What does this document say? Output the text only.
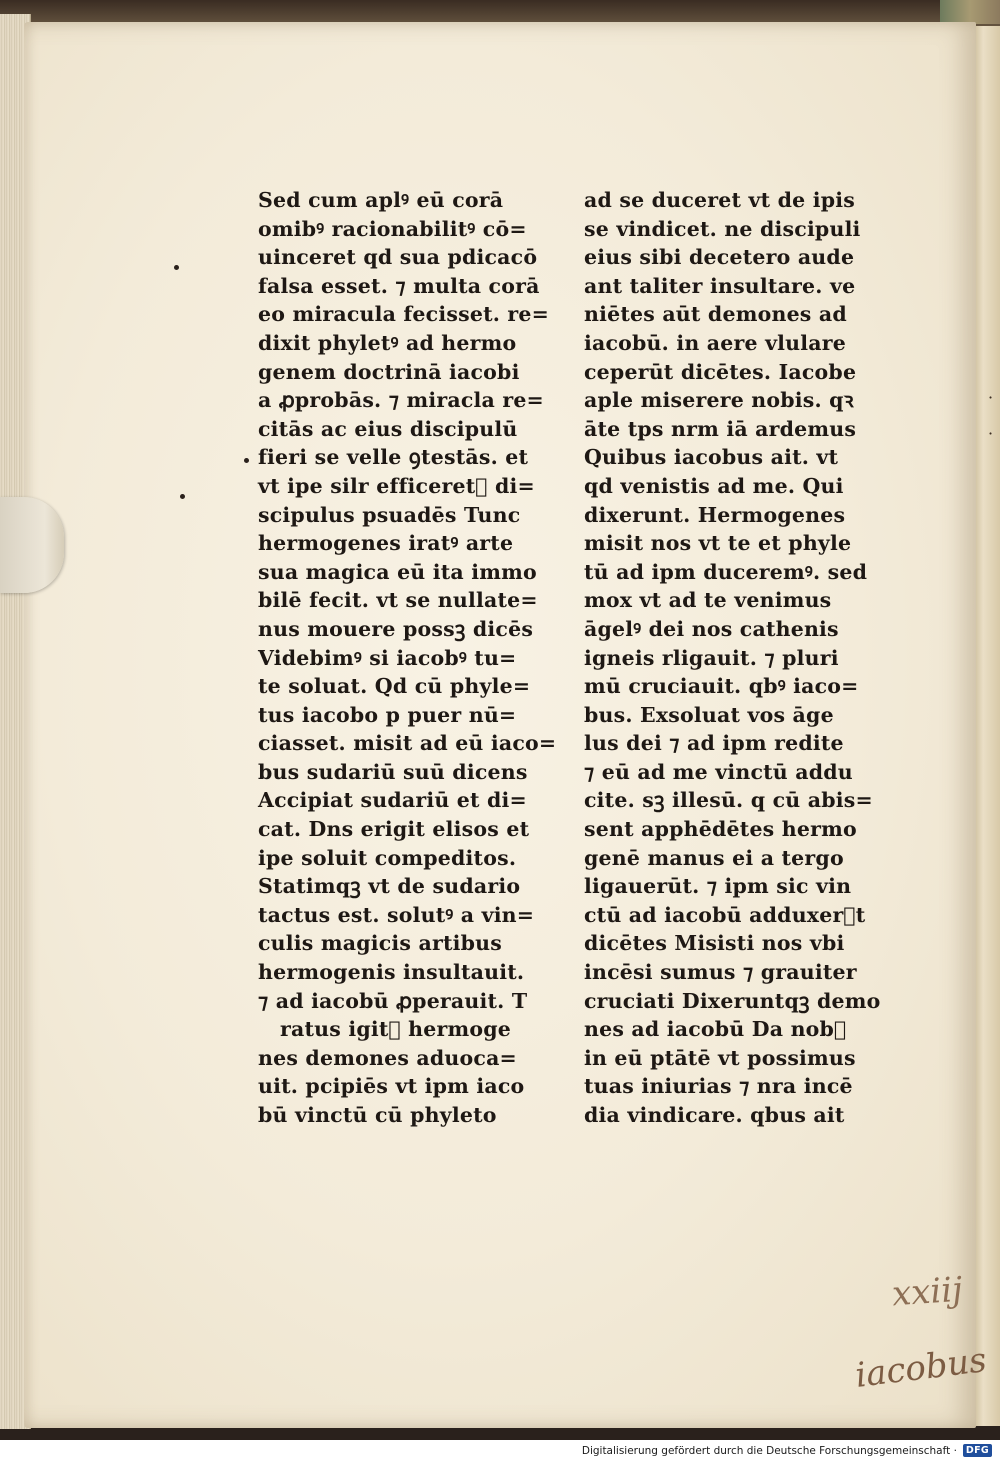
Sed cum aplꝰ eū corā
omibꝰ racionabilitꝰ cō=
uinceret qd sua pdicacō
falsa esset. ⁊ multa corā
eo miracula fecisset. re=
dixit phyletꝰ ad hermo
genem doctrinā iacobi
a ꝓprobās. ⁊ miracla re=
citās ac eius discipulū
fieri se velle ꝯtestās. et
vt ipe silr efficeretᷣ di=
scipulus psuadēs Tunc
hermogenes iratꝰ arte
sua magica eū ita immo
bilē fecit. vt se nullate=
nus mouere possꝫ dicēs
Videbimꝰ si iacobꝰ tu=
te soluat. Qd cū phyle=
tus iacobo p puer nū=
ciasset. misit ad eū iaco=
bus sudariū suū dicens
Accipiat sudariū et di=
cat. Dns erigit elisos et
ipe soluit compeditos.
Statimqꝫ vt de sudario
tactus est. solutꝰ a vin=
culis magicis artibus
hermogenis insultauit.
⁊ ad iacobū ꝓperauit. T
ratus igitᷣ hermoge
nes demones aduoca=
uit. pcipiēs vt ipm iaco
bū vinctū cū phyleto
ad se duceret vt de ipis
se vindicet. ne discipuli
eius sibi decetero aude
ant taliter insultare. ve
niētes aūt demones ad
iacobū. in aere vlulare
ceperūt dicētes. Iacobe
aple miserere nobis. qꝛ
āte tps nrm iā ardemus
Quibus iacobus ait. vt
qd venistis ad me. Qui
dixerunt. Hermogenes
misit nos vt te et phyle
tū ad ipm duceremꝰ. sed
mox vt ad te venimus
āgelꝰ dei nos cathenis
igneis rligauit. ⁊ pluri
mū cruciauit. qbꝰ iaco=
bus. Exsoluat vos āge
lus dei ⁊ ad ipm redite
⁊ eū ad me vinctū addu
cite. sꝫ illesū. q cū abis=
sent apphēdētes hermo
genē manus ei a tergo
ligauerūt. ⁊ ipm sic vin
ctū ad iacobū adduxerᷓt
dicētes Misisti nos vbi
incēsi sumus ⁊ grauiter
cruciati Dixeruntqꝫ demo
nes ad iacobū Da nobᷤ
in eū ptātē vt possimus
tuas iniurias ⁊ nra incē
dia vindicare. qbus ait
·
·
xxiij
iacobus
Digitalisierung gefördert durch die Deutsche Forschungsgemeinschaft · DFG
